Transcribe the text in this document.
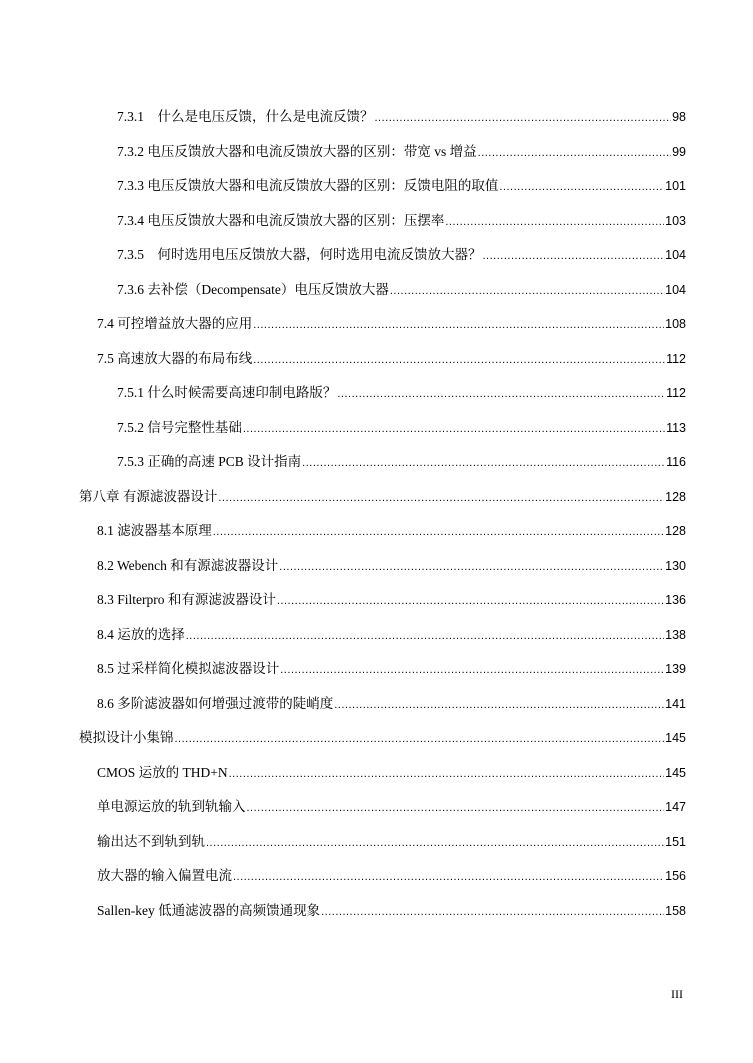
7.3.1　什么是电压反馈，什么是电流反馈？ .....	98
7.3.2 电压反馈放大器和电流反馈放大器的区别：带宽 vs 增益 .....	99
7.3.3 电压反馈放大器和电流反馈放大器的区别：反馈电阻的取值 .....	101
7.3.4 电压反馈放大器和电流反馈放大器的区别：压摆率 .....	103
7.3.5　何时选用电压反馈放大器，何时选用电流反馈放大器？ .....	104
7.3.6 去补偿（Decompensate）电压反馈放大器 .....	104
7.4 可控增益放大器的应用 .....	108
7.5 高速放大器的布局布线 .....	112
7.5.1 什么时候需要高速印制电路版？ .....	112
7.5.2 信号完整性基础 .....	113
7.5.3 正确的高速 PCB 设计指南 .....	116
第八章 有源滤波器设计 .....	128
8.1 滤波器基本原理 .....	128
8.2 Webench 和有源滤波器设计 .....	130
8.3 Filterpro 和有源滤波器设计 .....	136
8.4 运放的选择 .....	138
8.5 过采样简化模拟滤波器设计 .....	139
8.6 多阶滤波器如何增强过渡带的陡峭度 .....	141
模拟设计小集锦 .....	145
CMOS 运放的 THD+N .....	145
单电源运放的轨到轨输入 .....	147
输出达不到轨到轨 .....	151
放大器的输入偏置电流 .....	156
Sallen-key 低通滤波器的高频馈通现象 .....	158
III
